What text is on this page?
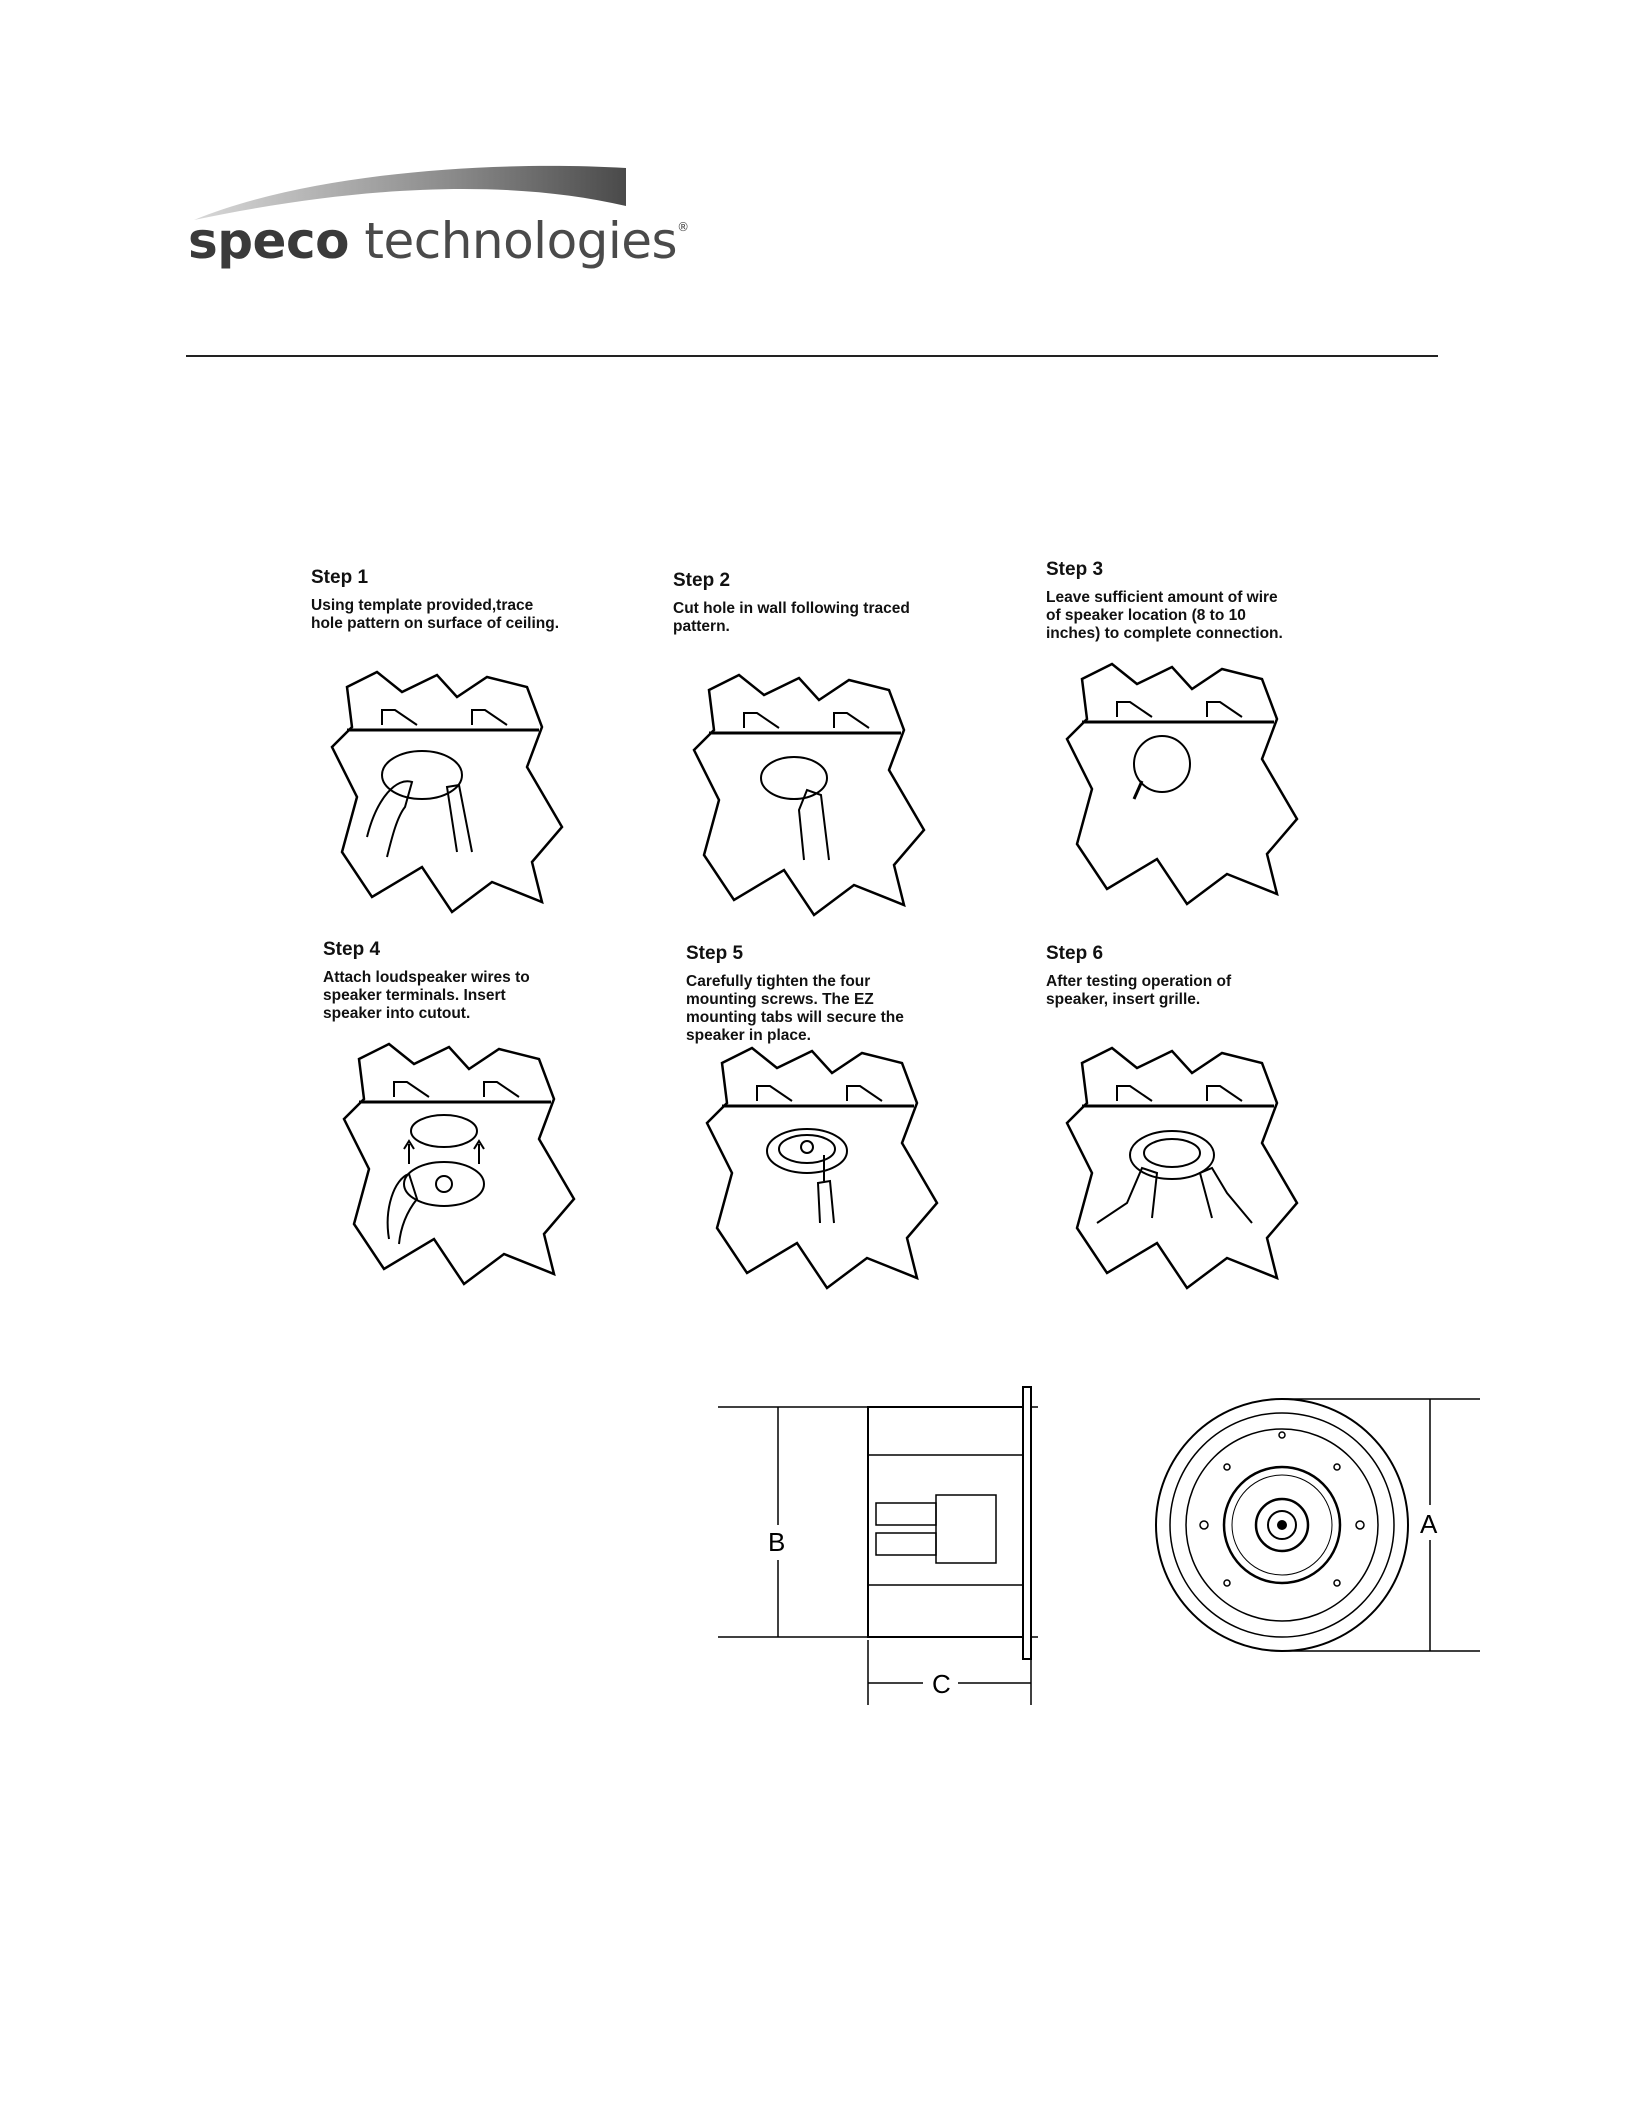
speco technologies®
Step 1
Using template provided,trace
hole pattern on surface of ceiling.
Step 2
Cut hole in wall following traced
pattern.
Step 3
Leave sufficient amount of wire
of speaker location (8 to 10
inches) to complete connection.
Step 4
Attach loudspeaker wires to
speaker terminals. Insert
speaker into cutout.
Step 5
Carefully tighten the four
mounting screws. The EZ
mounting tabs will secure the
speaker in place.
Step 6
After testing operation of
speaker, insert grille.
B
C
A
